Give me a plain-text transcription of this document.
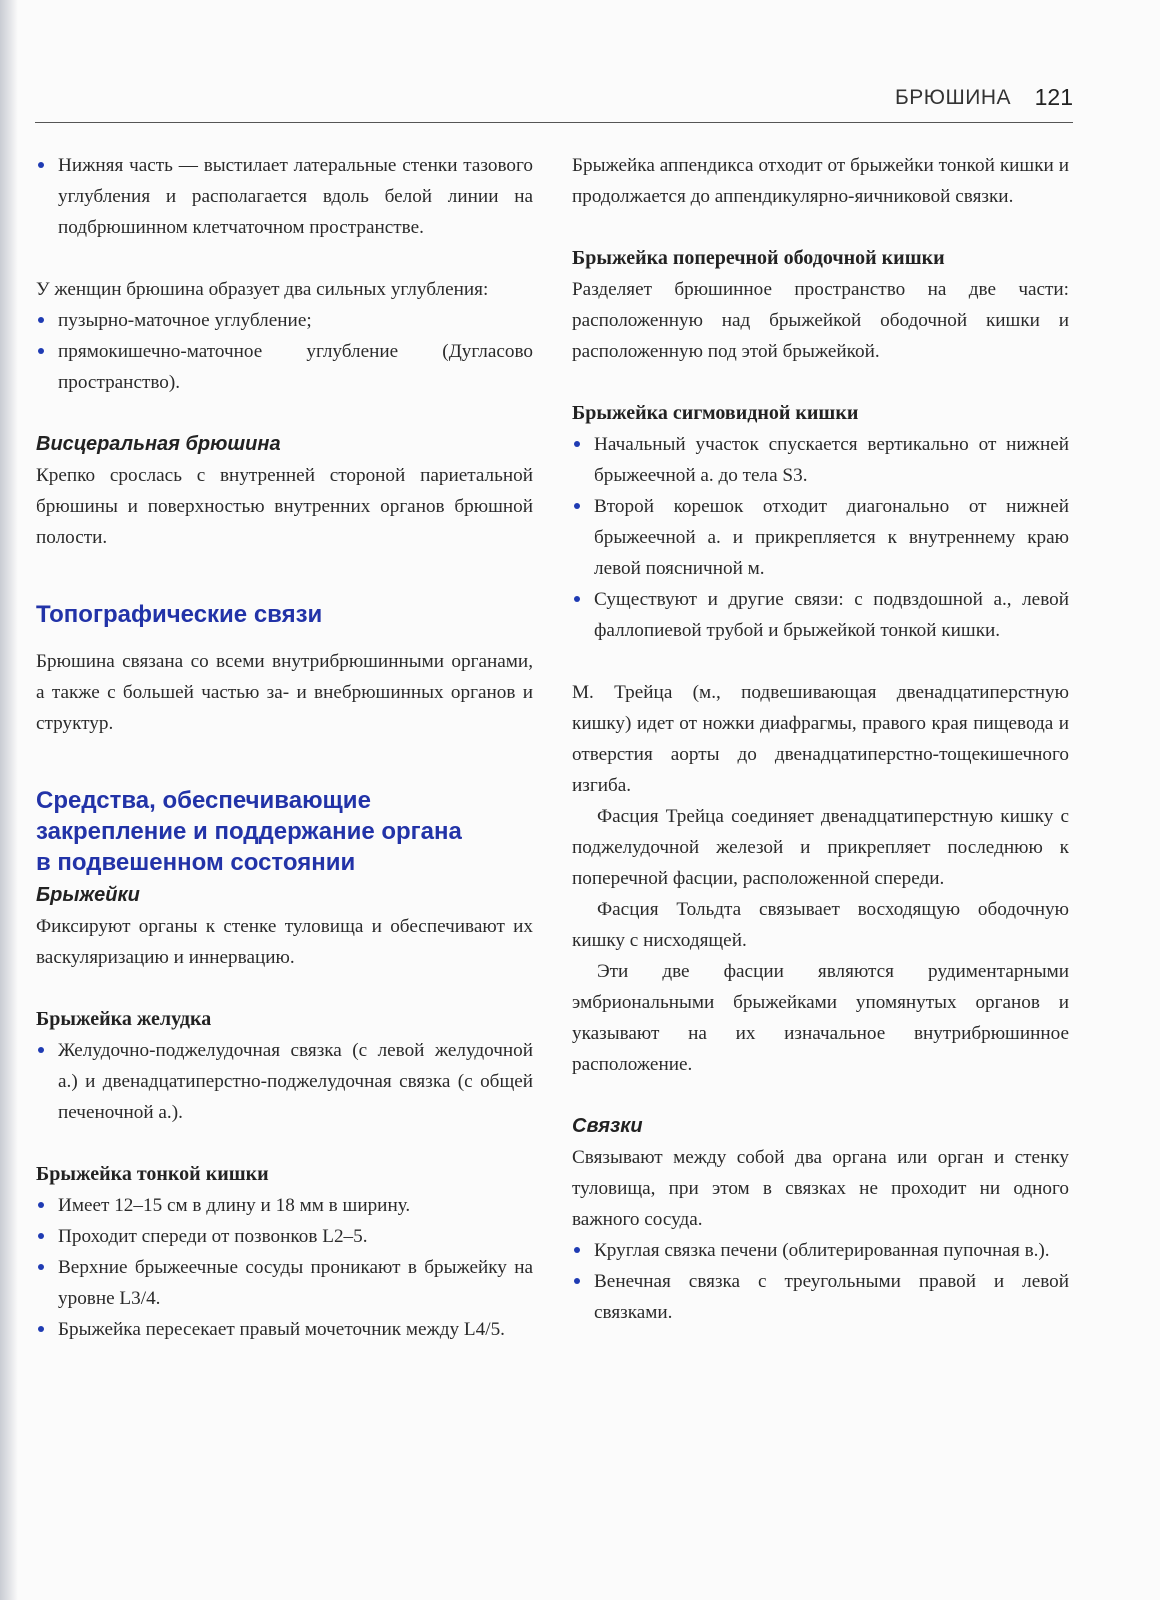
БРЮШИНА 121
Нижняя часть — выстилает латеральные стенки тазового углубления и располагается вдоль белой линии на подбрюшинном клетчаточном пространстве.

У женщин брюшина образует два сильных углубления:

пузырно-маточное углубление;
прямокишечно-маточное углубление (Дугласово пространство).
Висцеральная брюшина

Крепко срослась с внутренней стороной париетальной брюшины и поверхностью внутренних органов брюшной полости.

Топографические связи

Брюшина связана со всеми внутрибрюшинными органами, а также с большей частью за- и внебрюшинных органов и структур.

Средства, обеспечивающие
закрепление и поддержание органа
в подвешенном состоянии
Брыжейки

Фиксируют органы к стенке туловища и обеспечивают их васкуляризацию и иннервацию.

Брыжейка желудка
Желудочно-поджелудочная связка (с левой желудочной а.) и двенадцатиперстно-поджелудочная связка (с общей печеночной а.).
Брыжейка тонкой кишки
Имеет 12–15 см в длину и 18 мм в ширину.
Проходит спереди от позвонков L2–5.
Верхние брыжеечные сосуды проникают в брыжейку на уровне L3/4.
Брыжейка пересекает правый мочеточник между L4/5.

Брыжейка аппендикса отходит от брыжейки тонкой кишки и продолжается до аппендикулярно-яичниковой связки.

Брыжейка поперечной ободочной кишки

Разделяет брюшинное пространство на две части: расположенную над брыжейкой ободочной кишки и расположенную под этой брыжейкой.

Брыжейка сигмовидной кишки
Начальный участок спускается вертикально от нижней брыжеечной а. до тела S3.
Второй корешок отходит диагонально от нижней брыжеечной а. и прикрепляется к внутреннему краю левой поясничной м.
Существуют и другие связи: с подвздошной а., левой фаллопиевой трубой и брыжейкой тонкой кишки.

М. Трейца (м., подвешивающая двенадцатиперстную кишку) идет от ножки диафрагмы, правого края пищевода и отверстия аорты до двенадцатиперстно-тощекишечного изгиба.

Фасция Трейца соединяет двенадцатиперстную кишку с поджелудочной железой и прикрепляет последнюю к поперечной фасции, расположенной спереди.

Фасция Тольдта связывает восходящую ободочную кишку с нисходящей.

Эти две фасции являются рудиментарными эмбриональными брыжейками упомянутых органов и указывают на их изначальное внутрибрюшинное расположение.

Связки

Связывают между собой два органа или орган и стенку туловища, при этом в связках не проходит ни одного важного сосуда.

Круглая связка печени (облитерированная пупочная в.).
Венечная связка с треугольными правой и левой связками.
